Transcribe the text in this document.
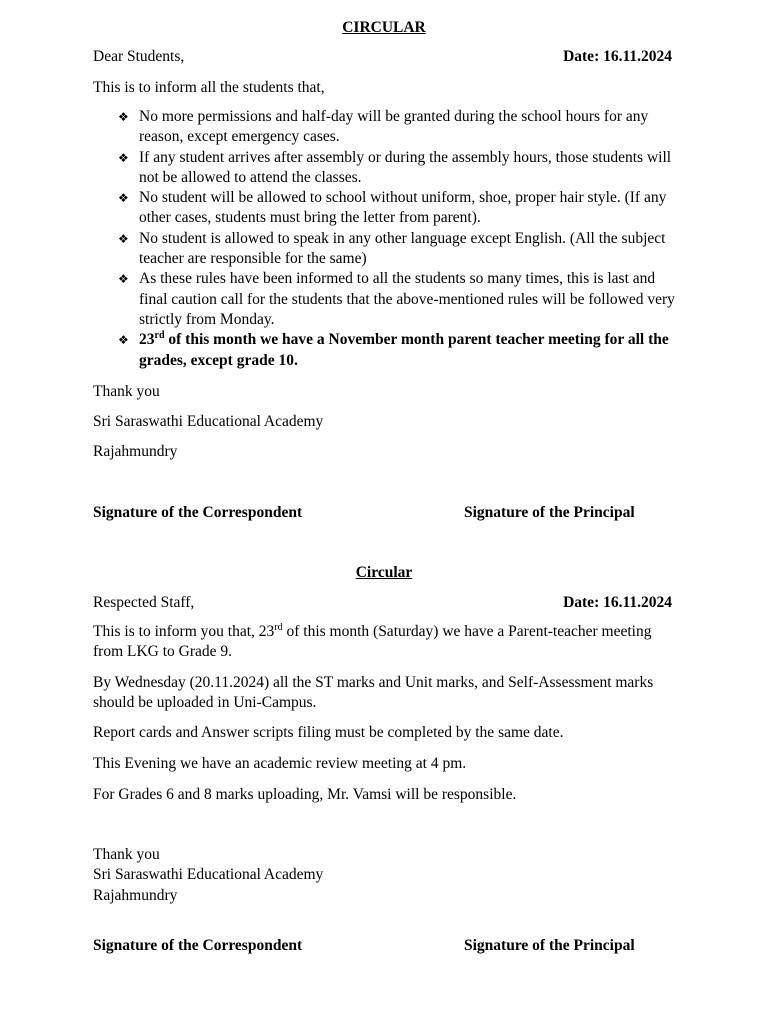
CIRCULAR
Dear Students,	Date: 16.11.2024
This is to inform all the students that,
❖ No more permissions and half-day will be granted during the school hours for any reason, except emergency cases.
❖ If any student arrives after assembly or during the assembly hours, those students will not be allowed to attend the classes.
❖ No student will be allowed to school without uniform, shoe, proper hair style. (If any other cases, students must bring the letter from parent).
❖ No student is allowed to speak in any other language except English. (All the subject teacher are responsible for the same)
❖ As these rules have been informed to all the students so many times, this is last and final caution call for the students that the above-mentioned rules will be followed very strictly from Monday.
❖ 23rd of this month we have a November month parent teacher meeting for all the grades, except grade 10.
Thank you
Sri Saraswathi Educational Academy
Rajahmundry
Signature of the Correspondent	Signature of the Principal
Circular
Respected Staff,	Date: 16.11.2024
This is to inform you that, 23rd of this month (Saturday) we have a Parent-teacher meeting from LKG to Grade 9.
By Wednesday (20.11.2024) all the ST marks and Unit marks, and Self-Assessment marks should be uploaded in Uni-Campus.
Report cards and Answer scripts filing must be completed by the same date.
This Evening we have an academic review meeting at 4 pm.
For Grades 6 and 8 marks uploading, Mr. Vamsi will be responsible.
Thank you
Sri Saraswathi Educational Academy
Rajahmundry
Signature of the Correspondent	Signature of the Principal
